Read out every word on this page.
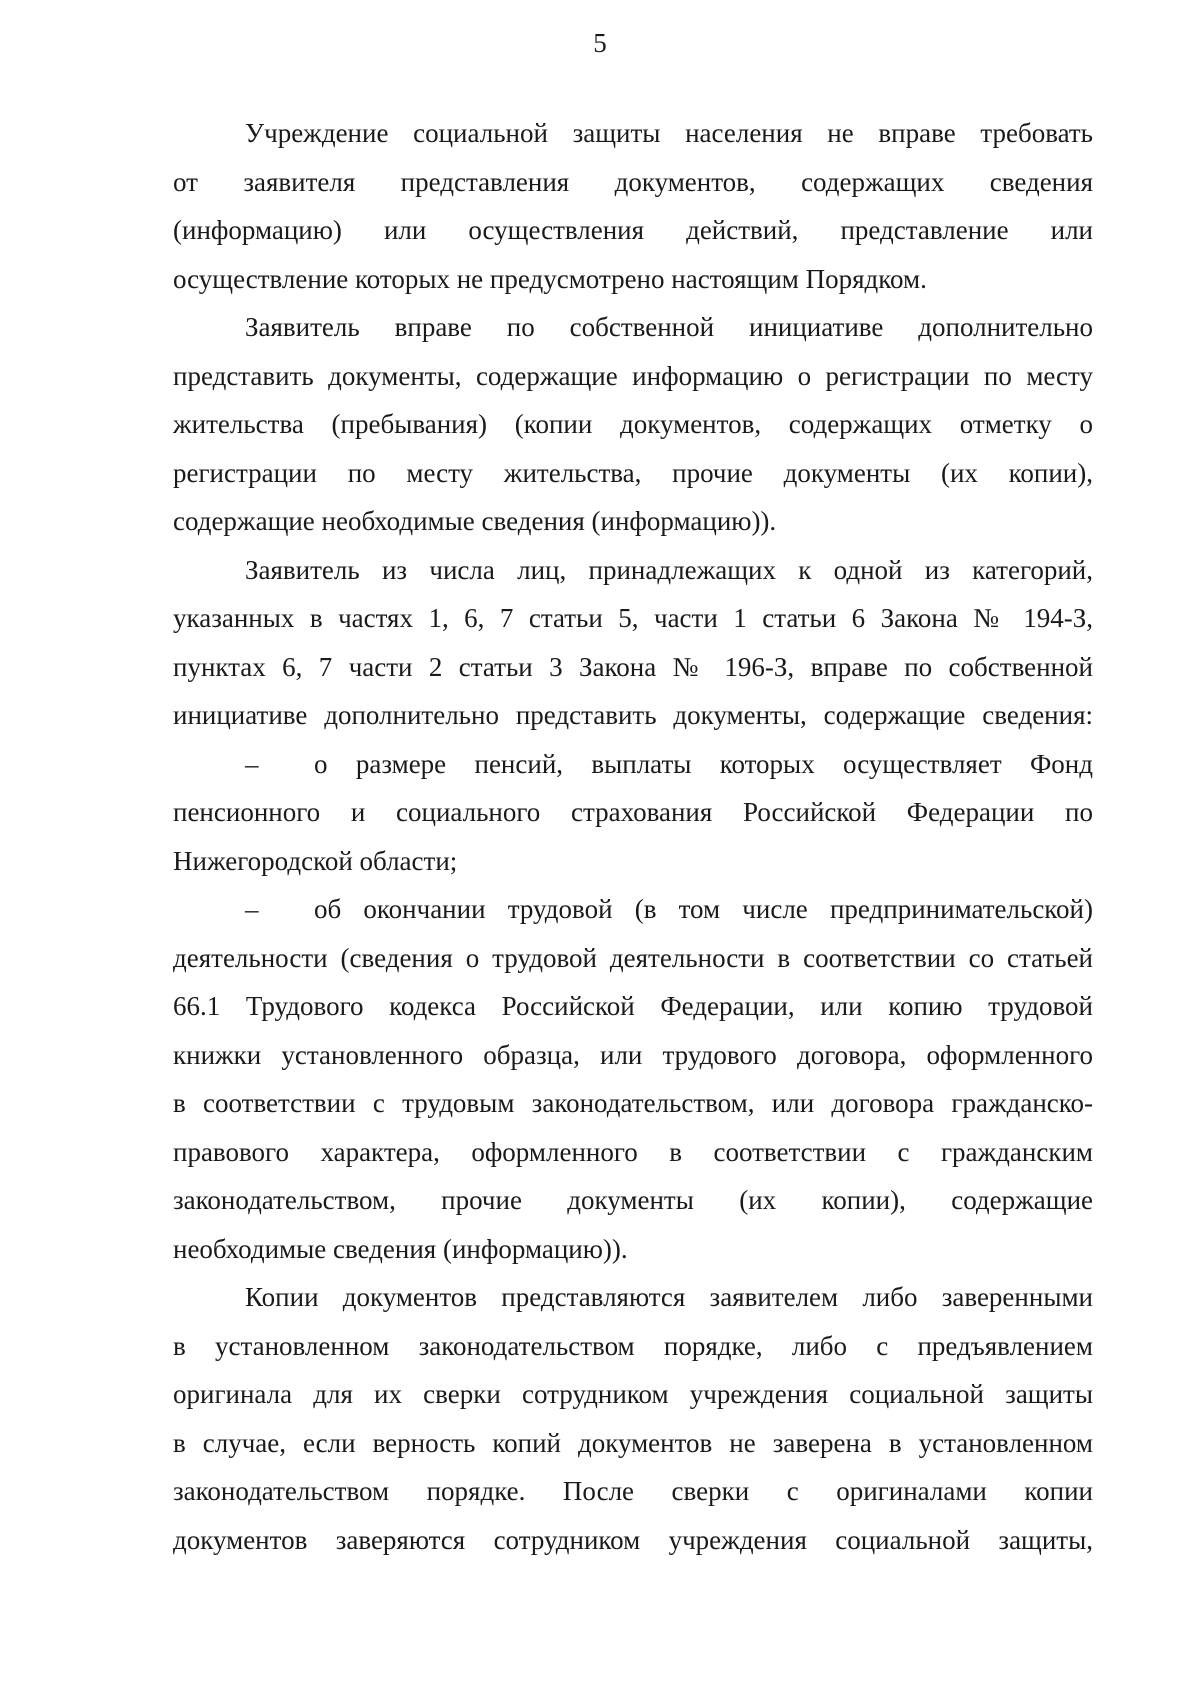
5
Учреждение социальной защиты населения не вправе требовать
от заявителя представления документов, содержащих сведения
(информацию) или осуществления действий, представление или
осуществление которых не предусмотрено настоящим Порядком.
Заявитель вправе по собственной инициативе дополнительно
представить документы, содержащие информацию о регистрации по месту
жительства (пребывания) (копии документов, содержащих отметку о
регистрации по месту жительства, прочие документы (их копии),
содержащие необходимые сведения (информацию)).
Заявитель из числа лиц, принадлежащих к одной из категорий,
указанных в частях 1, 6, 7 статьи 5, части 1 статьи 6 Закона № 194-З,
пунктах 6, 7 части 2 статьи 3 Закона № 196-З, вправе по собственной
инициативе дополнительно представить документы, содержащие сведения:
–	о размере пенсий, выплаты которых осуществляет Фонд
пенсионного и социального страхования Российской Федерации по
Нижегородской области;
–	об окончании трудовой (в том числе предпринимательской)
деятельности (сведения о трудовой деятельности в соответствии со статьей
66.1 Трудового кодекса Российской Федерации, или копию трудовой
книжки установленного образца, или трудового договора, оформленного
в соответствии с трудовым законодательством, или договора гражданско-
правового характера, оформленного в соответствии с гражданским
законодательством, прочие документы (их копии), содержащие
необходимые сведения (информацию)).
Копии документов представляются заявителем либо заверенными
в установленном законодательством порядке, либо с предъявлением
оригинала для их сверки сотрудником учреждения социальной защиты
в случае, если верность копий документов не заверена в установленном
законодательством порядке. После сверки с оригиналами копии
документов заверяются сотрудником учреждения социальной защиты,
